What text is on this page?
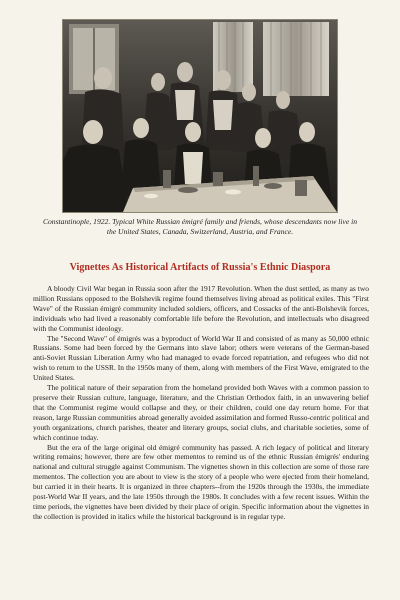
Constantinople, 1922. Typical White Russian émigré family and friends, whose descendants now live in
the United States, Canada, Switzerland, Austria, and France.
Vignettes As Historical Artifacts of Russia's Ethnic Diaspora

A bloody Civil War began in Russia soon after the 1917 Revolution. When the dust settled, as many as two million Russians opposed to the Bolshevik regime found themselves living abroad as political exiles. This "First Wave" of the Russian émigré community included soldiers, officers, and Cossacks of the anti-Bolshevik forces, individuals who had lived a reasonably comfortable life before the Revolution, and intellectuals who disagreed with the Communist ideology.

The "Second Wave" of émigrés was a byproduct of World War II and consisted of as many as 50,000 ethnic Russians. Some had been forced by the Germans into slave labor; others were veterans of the German-based anti-Soviet Russian Liberation Army who had managed to evade forced repatriation, and refugees who did not wish to return to the USSR. In the 1950s many of them, along with members of the First Wave, emigrated to the United States.

The political nature of their separation from the homeland provided both Waves with a common passion to preserve their Russian culture, language, literature, and the Christian Orthodox faith, in an unwavering belief that the Communist regime would collapse and they, or their children, could one day return home. For that reason, large Russian communities abroad generally avoided assimilation and formed Russo-centric political and youth organizations, church parishes, theater and literary groups, social clubs, and charitable societies, some of which continue today.

But the era of the large original old émigré community has passed. A rich legacy of political and literary writing remains; however, there are few other mementos to remind us of the ethnic Russian émigrés' enduring national and cultural struggle against Communism. The vignettes shown in this collection are some of those rare mementos. The collection you are about to view is the story of a people who were ejected from their homeland, but carried it in their hearts. It is organized in three chapters--from the 1920s through the 1930s, the immediate post-World War II years, and the late 1950s through the 1980s. It concludes with a few recent issues. Within the time periods, the vignettes have been divided by their place of origin. Specific information about the vignettes in the collection is provided in italics while the historical background is in regular type.
